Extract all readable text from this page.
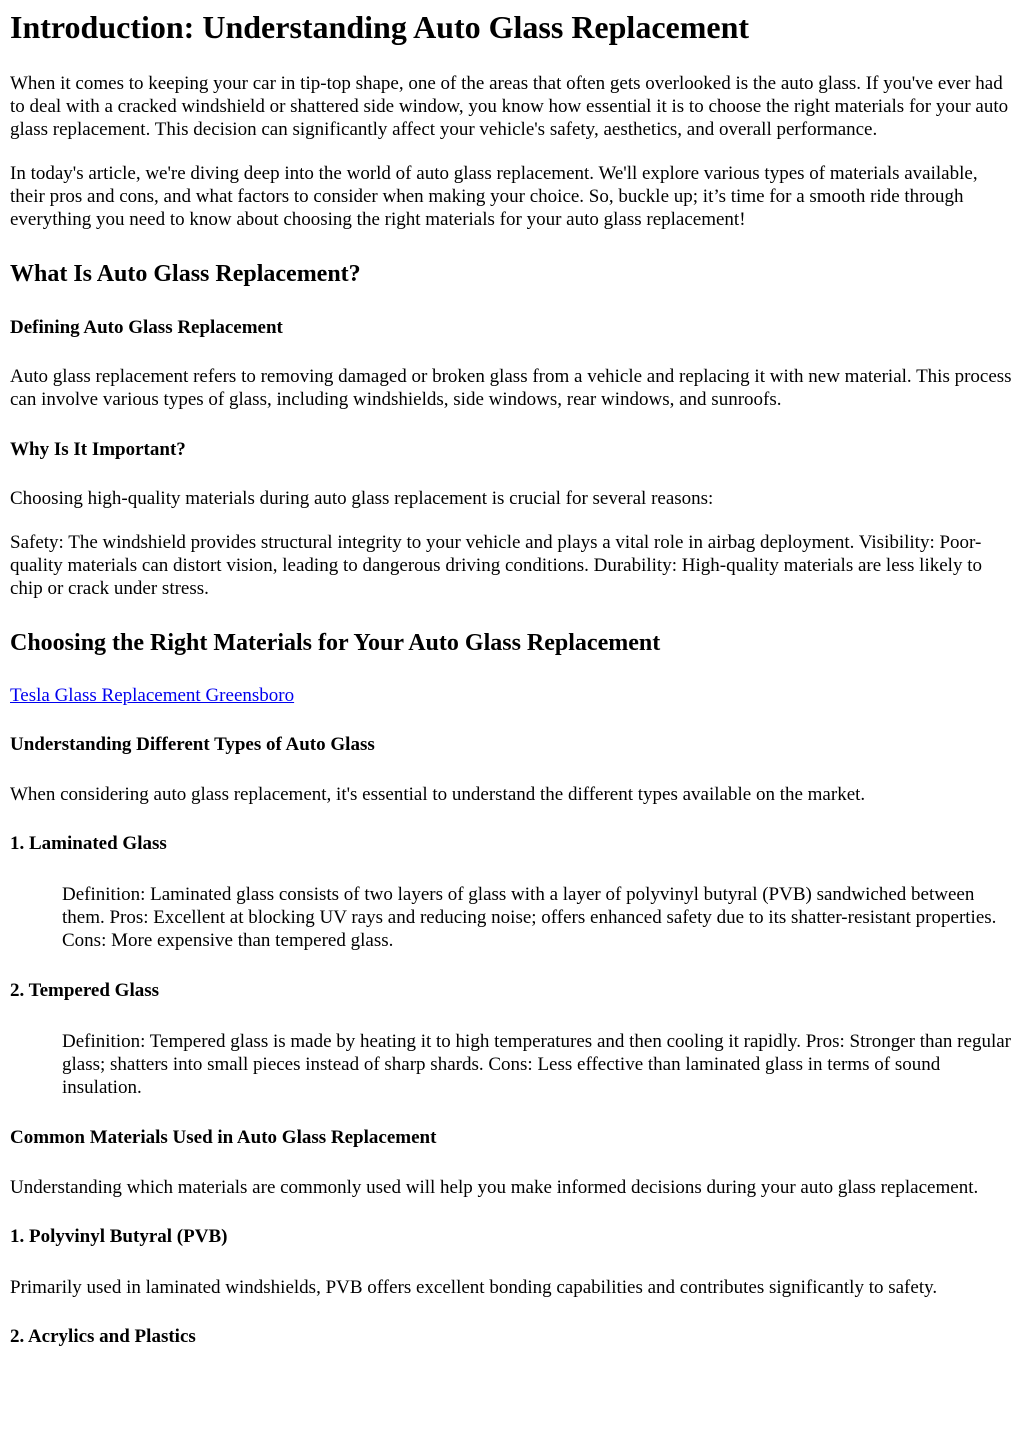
Introduction: Understanding Auto Glass Replacement

When it comes to keeping your car in tip-top shape, one of the areas that often gets overlooked is the auto glass. If you've ever had to deal with a cracked windshield or shattered side window, you know how essential it is to choose the right materials for your auto glass replacement. This decision can significantly affect your vehicle's safety, aesthetics, and overall performance.

In today's article, we're diving deep into the world of auto glass replacement. We'll explore various types of materials available, their pros and cons, and what factors to consider when making your choice. So, buckle up; it’s time for a smooth ride through everything you need to know about choosing the right materials for your auto glass replacement!

What Is Auto Glass Replacement?
Defining Auto Glass Replacement

Auto glass replacement refers to removing damaged or broken glass from a vehicle and replacing it with new material. This process can involve various types of glass, including windshields, side windows, rear windows, and sunroofs.

Why Is It Important?

Choosing high-quality materials during auto glass replacement is crucial for several reasons:

Safety: The windshield provides structural integrity to your vehicle and plays a vital role in airbag deployment. Visibility: Poor-quality materials can distort vision, leading to dangerous driving conditions. Durability: High-quality materials are less likely to chip or crack under stress.

Choosing the Right Materials for Your Auto Glass Replacement

Tesla Glass Replacement Greensboro

Understanding Different Types of Auto Glass

When considering auto glass replacement, it's essential to understand the different types available on the market.

1. Laminated Glass

Definition: Laminated glass consists of two layers of glass with a layer of polyvinyl butyral (PVB) sandwiched between them. Pros: Excellent at blocking UV rays and reducing noise; offers enhanced safety due to its shatter-resistant properties. Cons: More expensive than tempered glass.

2. Tempered Glass

Definition: Tempered glass is made by heating it to high temperatures and then cooling it rapidly. Pros: Stronger than regular glass; shatters into small pieces instead of sharp shards. Cons: Less effective than laminated glass in terms of sound insulation.

Common Materials Used in Auto Glass Replacement

Understanding which materials are commonly used will help you make informed decisions during your auto glass replacement.

1. Polyvinyl Butyral (PVB)

Primarily used in laminated windshields, PVB offers excellent bonding capabilities and contributes significantly to safety.

2. Acrylics and Plastics
